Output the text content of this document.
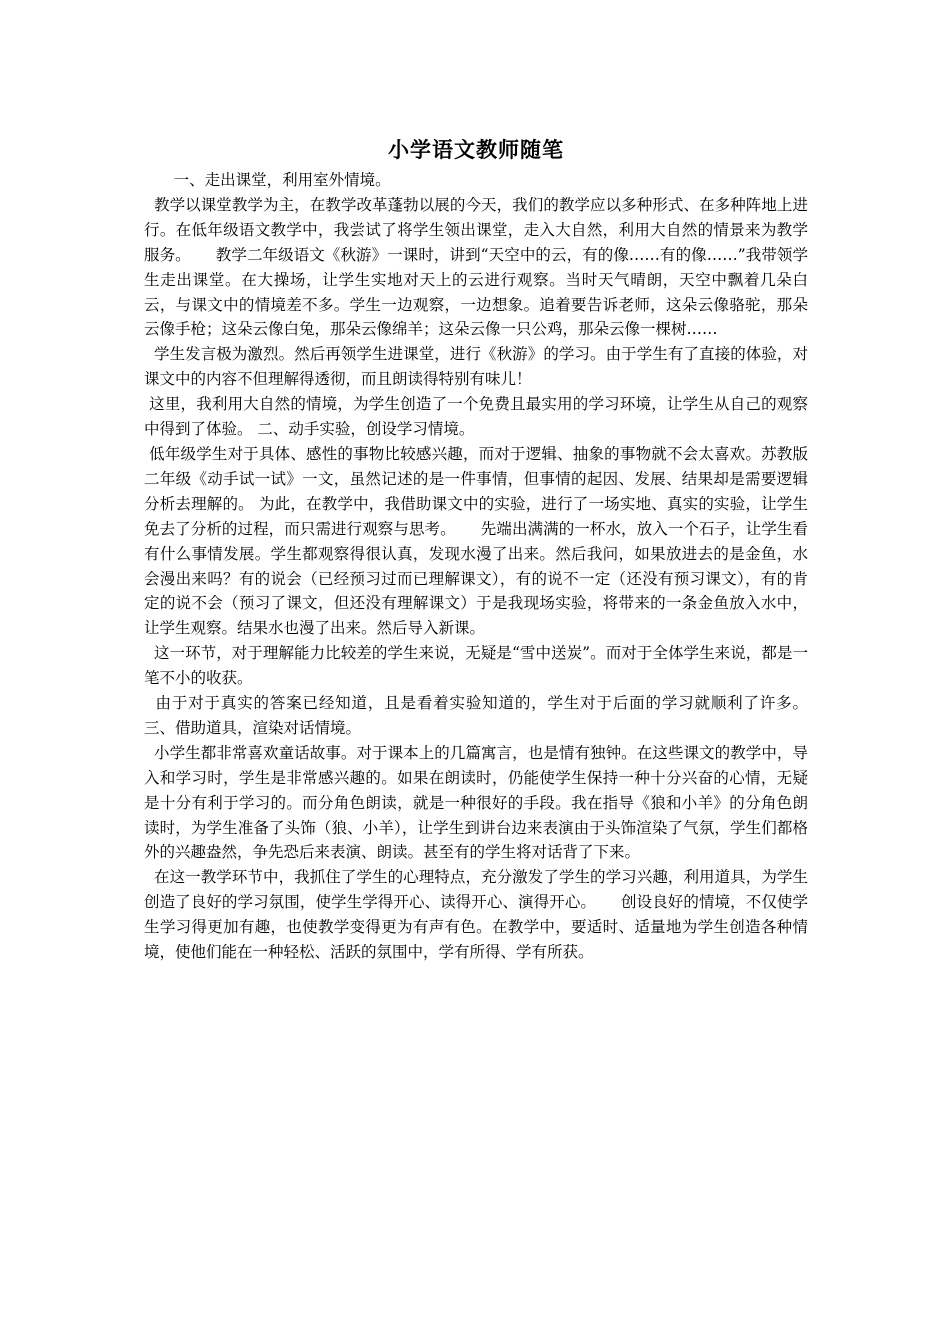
小学语文教师随笔

一、走出课堂，利用室外情境。

教学以课堂教学为主，在教学改革蓬勃以展的今天，我们的教学应以多种形式、在多种阵地上进行。在低年级语文教学中，我尝试了将学生领出课堂，走入大自然，利用大自然的情景来为教学服务。     教学二年级语文《秋游》一课时，讲到“天空中的云，有的像……有的像……”我带领学生走出课堂。在大操场，让学生实地对天上的云进行观察。当时天气晴朗，天空中飘着几朵白云，与课文中的情境差不多。学生一边观察，一边想象。追着要告诉老师，这朵云像骆驼，那朵云像手枪；这朵云像白兔，那朵云像绵羊；这朵云像一只公鸡，那朵云像一棵树……

学生发言极为激烈。然后再领学生进课堂，进行《秋游》的学习。由于学生有了直接的体验，对课文中的内容不但理解得透彻，而且朗读得特别有味儿！

这里，我利用大自然的情境，为学生创造了一个免费且最实用的学习环境，让学生从自己的观察中得到了体验。 二、动手实验，创设学习情境。

低年级学生对于具体、感性的事物比较感兴趣，而对于逻辑、抽象的事物就不会太喜欢。苏教版二年级《动手试一试》一文，虽然记述的是一件事情，但事情的起因、发展、结果却是需要逻辑分析去理解的。 为此，在教学中，我借助课文中的实验，进行了一场实地、真实的实验，让学生免去了分析的过程，而只需进行观察与思考。     先端出满满的一杯水，放入一个石子，让学生看有什么事情发展。学生都观察得很认真，发现水漫了出来。然后我问，如果放进去的是金鱼，水会漫出来吗？有的说会（已经预习过而已理解课文），有的说不一定（还没有预习课文），有的肯定的说不会（预习了课文，但还没有理解课文）于是我现场实验，将带来的一条金鱼放入水中，让学生观察。结果水也漫了出来。然后导入新课。

这一环节，对于理解能力比较差的学生来说，无疑是“雪中送炭”。而对于全体学生来说，都是一笔不小的收获。

由于对于真实的答案已经知道，且是看着实验知道的，学生对于后面的学习就顺利了许多。 三、借助道具，渲染对话情境。

小学生都非常喜欢童话故事。对于课本上的几篇寓言，也是情有独钟。在这些课文的教学中，导入和学习时，学生是非常感兴趣的。如果在朗读时，仍能使学生保持一种十分兴奋的心情，无疑是十分有利于学习的。而分角色朗读，就是一种很好的手段。我在指导《狼和小羊》的分角色朗读时，为学生准备了头饰（狼、小羊），让学生到讲台边来表演由于头饰渲染了气氛，学生们都格外的兴趣盎然，争先恐后来表演、朗读。甚至有的学生将对话背了下来。

在这一教学环节中，我抓住了学生的心理特点，充分激发了学生的学习兴趣，利用道具，为学生创造了良好的学习氛围，使学生学得开心、读得开心、演得开心。     创设良好的情境，不仅使学生学习得更加有趣，也使教学变得更为有声有色。在教学中，要适时、适量地为学生创造各种情境，使他们能在一种轻松、活跃的氛围中，学有所得、学有所获。
